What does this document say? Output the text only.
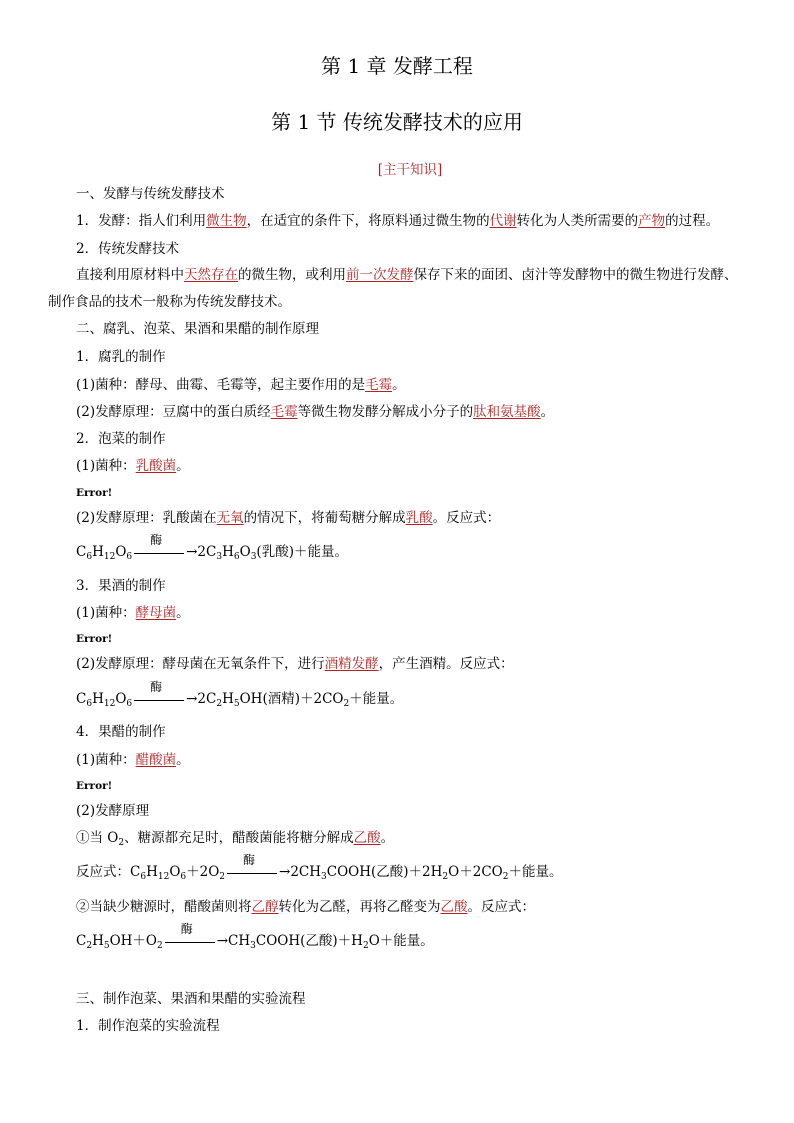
第 1 章 发酵工程
第 1 节 传统发酵技术的应用
[主干知识]
一、发酵与传统发酵技术
1．发酵：指人们利用微生物，在适宜的条件下，将原料通过微生物的代谢转化为人类所需要的产物的过程。
2．传统发酵技术
直接利用原材料中天然存在的微生物，或利用前一次发酵保存下来的面团、卤汁等发酵物中的微生物进行发酵、
制作食品的技术一般称为传统发酵技术。
二、腐乳、泡菜、果酒和果醋的制作原理
1．腐乳的制作
(1)菌种：酵母、曲霉、毛霉等，起主要作用的是毛霉。
(2)发酵原理：豆腐中的蛋白质经毛霉等微生物发酵分解成小分子的肽和氨基酸。
2．泡菜的制作
(1)菌种：乳酸菌。
Error!
(2)发酵原理：乳酸菌在无氧的情况下，将葡萄糖分解成乳酸。反应式：
$C_6H_{12}O_6$
酶
$\to 2C_3H_6O_3$(乳酸)＋能量。
3．果酒的制作
(1)菌种：酵母菌。
Error!
(2)发酵原理：酵母菌在无氧条件下，进行酒精发酵，产生酒精。反应式：
$C_6H_{12}O_6$
酶
$\to 2C_2H_5OH$(酒精)$+2CO_2+$能量。
4．果醋的制作
(1)菌种：醋酸菌。
Error!
(2)发酵原理
①当 $O_2$、糖源都充足时，醋酸菌能将糖分解成乙酸。
反应式：$C_6H_{12}O_6+2O_2$
酶
$\to 2CH_3COOH$(乙酸)$+2H_2O+2CO_2+$能量。
②当缺少糖源时，醋酸菌则将乙醇转化为乙醛，再将乙醛变为乙酸。反应式：
$C_2H_5OH+O_2$
酶
$\to CH_3COOH$(乙酸)$+H_2O+$能量。
三、制作泡菜、果酒和果醋的实验流程
1．制作泡菜的实验流程
